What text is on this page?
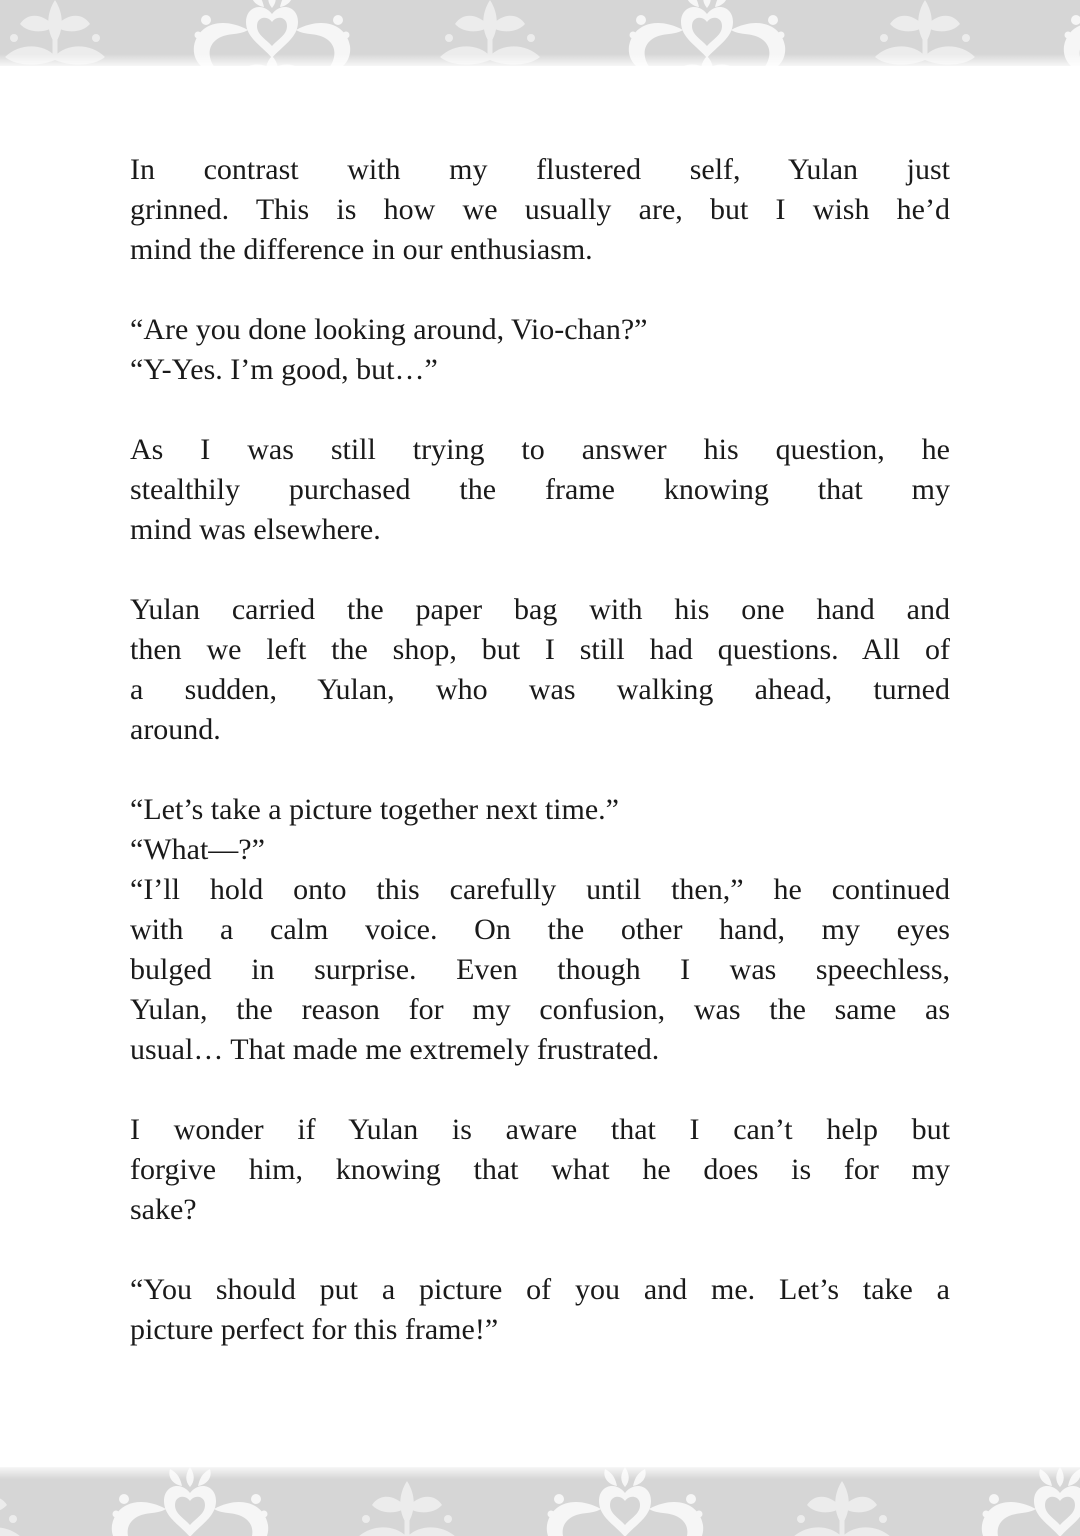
In contrast with my flustered self, Yulan just
grinned. This is how we usually are, but I wish he’d
mind the difference in our enthusiasm.
“Are you done looking around, Vio-chan?”
“Y-Yes. I’m good, but…”
As I was still trying to answer his question, he
stealthily purchased the frame knowing that my
mind was elsewhere.
Yulan carried the paper bag with his one hand and
then we left the shop, but I still had questions. All of
a sudden, Yulan, who was walking ahead, turned
around.
“Let’s take a picture together next time.”
“What—?”
“I’ll hold onto this carefully until then,” he continued
with a calm voice. On the other hand, my eyes
bulged in surprise. Even though I was speechless,
Yulan, the reason for my confusion, was the same as
usual… That made me extremely frustrated.
I wonder if Yulan is aware that I can’t help but
forgive him, knowing that what he does is for my
sake?
“You should put a picture of you and me. Let’s take a
picture perfect for this frame!”
